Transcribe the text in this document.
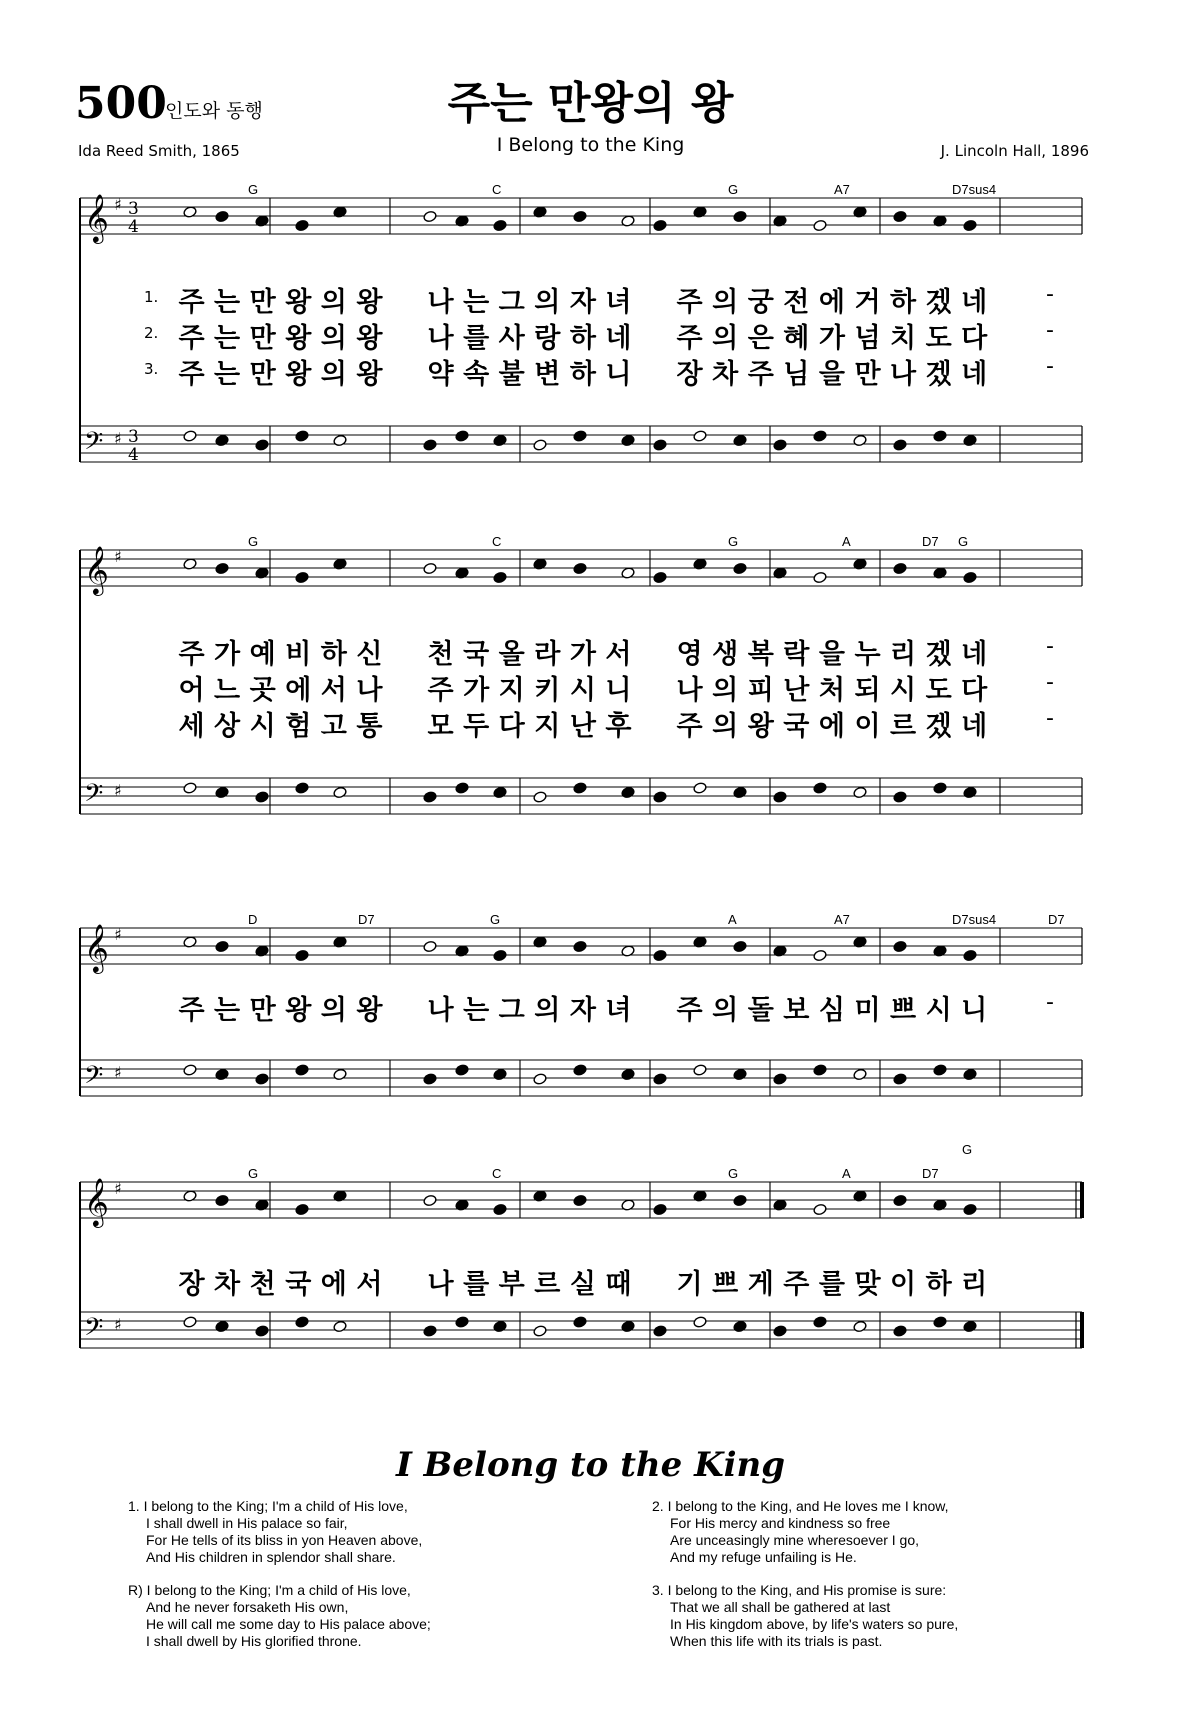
500
인도와 동행	주는 만왕의 왕
I Belong to the King
Ida Reed Smith, 1865	J. Lincoln Hall, 1896
𝄞
𝄢
♯
♯
3
4
3
4
𝄞
𝄢
♯
♯
𝄞
𝄢
♯
♯
𝄞
𝄢
♯
♯
G	C	G	A7	D7sus4
G	C	G	A	D7 G
D	D7	G	A	A7	D7sus4	D7
G	C	G	A	D7
G
1.
2.
3.
주 는 만 왕 의 왕
나 는 그 의 자 녀
주 의 궁 전 에 거 하 겠 네
주 는 만 왕 의 왕
나 를 사 랑 하 네
주 의 은 혜 가 넘 치 도 다
주 는 만 왕 의 왕
약 속 불 변 하 니
장 차 주 님 을 만 나 겠 네
주 가 예 비 하 신
천 국 올 라 가 서
영 생 복 락 을 누 리 겠 네
어 느 곳 에 서 나
주 가 지 키 시 니
나 의 피 난 처 되 시 도 다
세 상 시 험 고 통
모 두 다 지 난 후
주 의 왕 국 에 이 르 겠 네
주 는 만 왕 의 왕
나 는 그 의 자 녀
주 의 돌 보 심 미 쁘 시 니
장 차 천 국 에 서
나 를 부 르 실 때
기 쁘 게 주 를 맞 이 하 리
-
-
-
-
-
-
-
I Belong to the King
1. I belong to the King; I'm a child of His love,
I shall dwell in His palace so fair,
For He tells of its bliss in yon Heaven above,
And His children in splendor shall share.
R) I belong to the King; I'm a child of His love,
And he never forsaketh His own,
He will call me some day to His palace above;
I shall dwell by His glorified throne.
2. I belong to the King, and He loves me I know,
For His mercy and kindness so free
Are unceasingly mine wheresoever I go,
And my refuge unfailing is He.
3. I belong to the King, and His promise is sure:
That we all shall be gathered at last
In His kingdom above, by life's waters so pure,
When this life with its trials is past.
